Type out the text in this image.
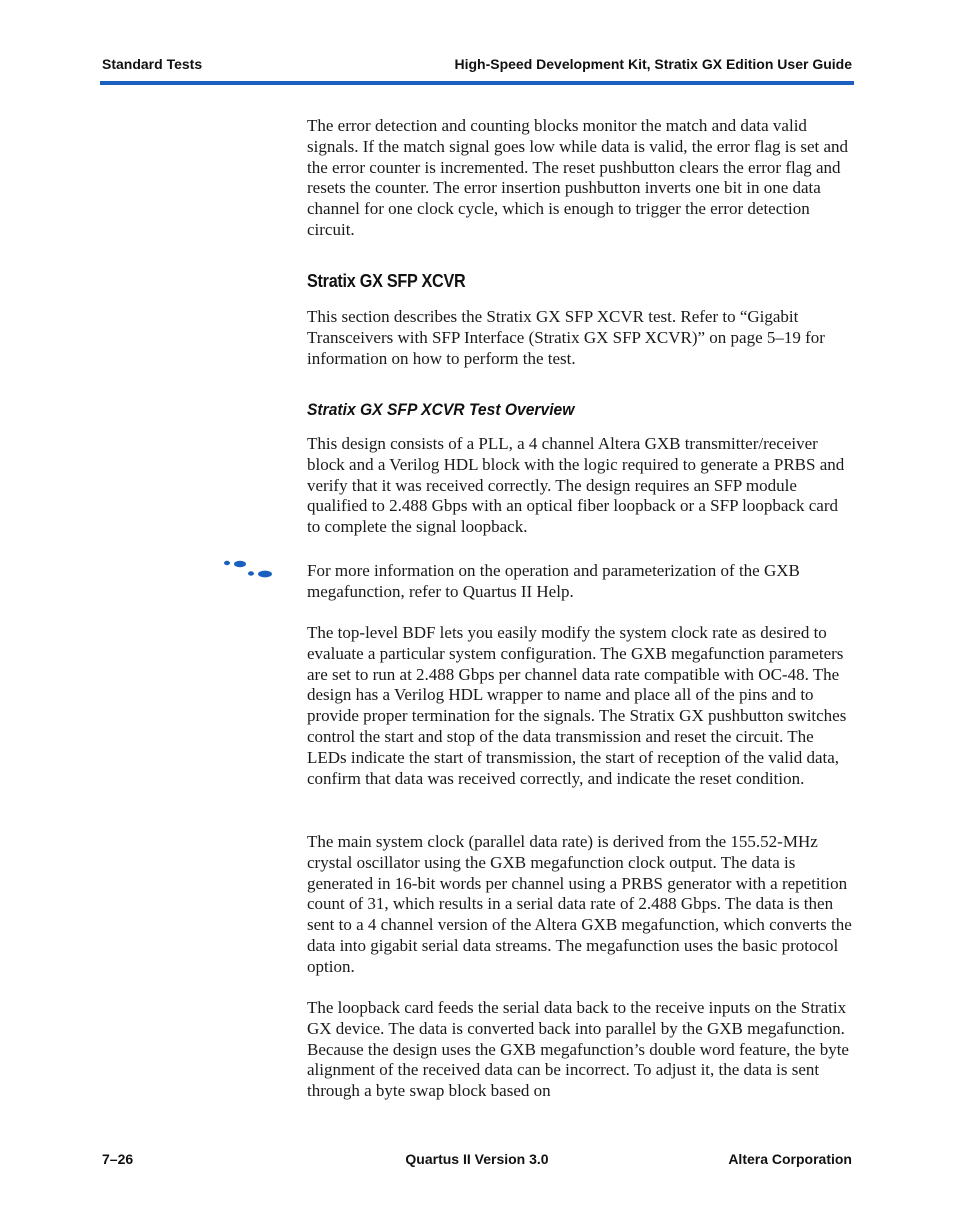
Standard Tests	High-Speed Development Kit, Stratix GX Edition User Guide

The error detection and counting blocks monitor the match and data valid signals. If the match signal goes low while data is valid, the error flag is set and the error counter is incremented. The reset pushbutton clears the error flag and resets the counter. The error insertion pushbutton inverts one bit in one data channel for one clock cycle, which is enough to trigger the error detection circuit.

Stratix GX SFP XCVR

This section describes the Stratix GX SFP XCVR test. Refer to “Gigabit Transceivers with SFP Interface (Stratix GX SFP XCVR)” on page 5–19 for information on how to perform the test.

Stratix GX SFP XCVR Test Overview

This design consists of a PLL, a 4 channel Altera GXB transmitter/receiver block and a Verilog HDL block with the logic required to generate a PRBS and verify that it was received correctly. The design requires an SFP module qualified to 2.488 Gbps with an optical fiber loopback or a SFP loopback card to complete the signal loopback.

For more information on the operation and parameterization of the GXB megafunction, refer to Quartus II Help.

The top-level BDF lets you easily modify the system clock rate as desired to evaluate a particular system configuration. The GXB megafunction parameters are set to run at 2.488 Gbps per channel data rate compatible with OC-48. The design has a Verilog HDL wrapper to name and place all of the pins and to provide proper termination for the signals. The Stratix GX pushbutton switches control the start and stop of the data transmission and reset the circuit. The LEDs indicate the start of transmission, the start of reception of the valid data, confirm that data was received correctly, and indicate the reset condition.

The main system clock (parallel data rate) is derived from the 155.52-MHz crystal oscillator using the GXB megafunction clock output. The data is generated in 16-bit words per channel using a PRBS generator with a repetition count of 31, which results in a serial data rate of 2.488 Gbps. The data is then sent to a 4 channel version of the Altera GXB megafunction, which converts the data into gigabit serial data streams. The megafunction uses the basic protocol option.

The loopback card feeds the serial data back to the receive inputs on the Stratix GX device. The data is converted back into parallel by the GXB megafunction. Because the design uses the GXB megafunction’s double word feature, the byte alignment of the received data can be incorrect. To adjust it, the data is sent through a byte swap block based on

7–26	Quartus II Version 3.0	Altera Corporation
